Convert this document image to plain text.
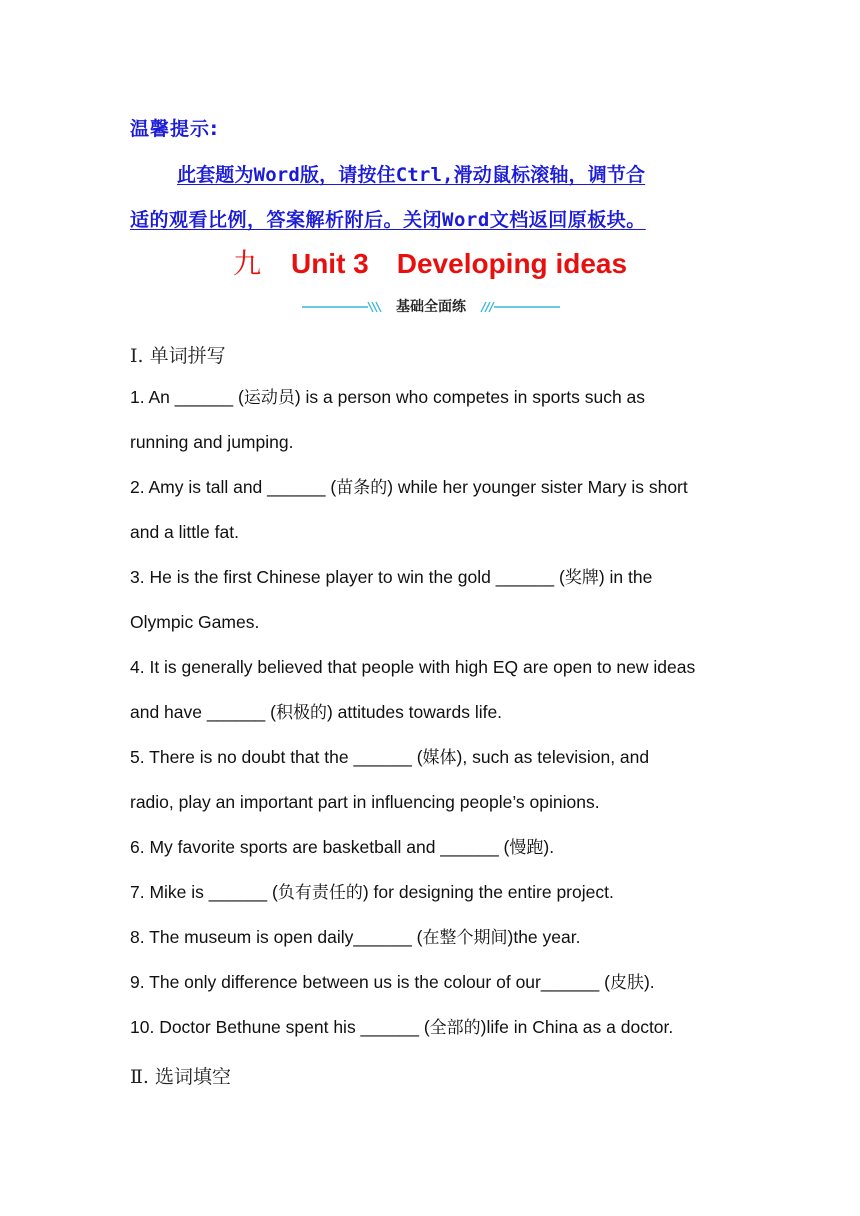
温馨提示:
此套题为Word版，请按住Ctrl,滑动鼠标滚轴，调节合
适的观看比例，答案解析附后。关闭Word文档返回原板块。
九 Unit 3 Developing ideas
基础全面练
Ⅰ. 单词拼写
1. An ______ (运动员) is a person who competes in sports such as
running and jumping.
2. Amy is tall and ______ (苗条的) while her younger sister Mary is short
and a little fat.
3. He is the first Chinese player to win the gold ______ (奖牌) in the
Olympic Games.
4. It is generally believed that people with high EQ are open to new ideas
and have ______ (积极的) attitudes towards life.
5. There is no doubt that the ______ (媒体), such as television, and
radio, play an important part in influencing people’s opinions.
6. My favorite sports are basketball and ______ (慢跑).
7. Mike is ______ (负有责任的) for designing the entire project.
8. The museum is open daily______ (在整个期间)the year.
9. The only difference between us is the colour of our______ (皮肤).
10. Doctor Bethune spent his ______ (全部的)life in China as a doctor.
Ⅱ. 选词填空
